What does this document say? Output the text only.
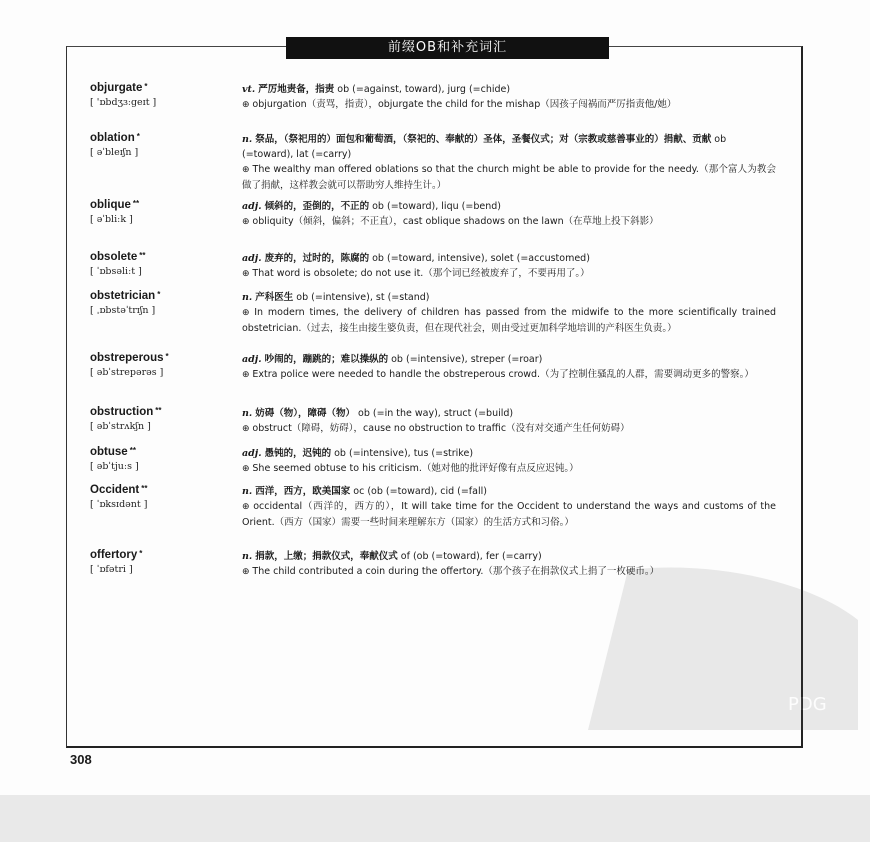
前缀OB和补充词汇
PDG
objurgate *
[ 'ɒbdʒɜːgeɪt ]
vt. 严厉地责备，指责 ob (=against, toward), jurg (=chide)
⊕ objurgation（责骂，指责），objurgate the child for the mishap（因孩子闯祸而严厉指责他/她）
oblation *
[ əˈbleɪʃn ]
n. 祭品，（祭祀用的）面包和葡萄酒，（祭祀的、奉献的）圣体，圣餐仪式；对（宗教或慈善事业的）捐献、贡献 ob (=toward), lat (=carry)
⊕ The wealthy man offered oblations so that the church might be able to provide for the needy.（那个富人为教会做了捐献，这样教会就可以帮助穷人维持生计。）
oblique **
[ əˈbliːk ]
adj. 倾斜的，歪倒的，不正的 ob (=toward), liqu (=bend)
⊕ obliquity（倾斜，偏斜；不正直），cast oblique shadows on the lawn（在草地上投下斜影）
obsolete **
[ ˈɒbsəliːt ]
adj. 废弃的，过时的，陈腐的 ob (=toward, intensive), solet (=accustomed)
⊕ That word is obsolete; do not use it.（那个词已经被废弃了，不要再用了。）
obstetrician *
[ ˌɒbstəˈtrɪʃn ]
n. 产科医生 ob (=intensive), st (=stand)
⊕ In modern times, the delivery of children has passed from the midwife to the more scientifically trained obstetrician.（过去，接生由接生婆负责，但在现代社会，则由受过更加科学地培训的产科医生负责。）
obstreperous *
[ əbˈstrepərəs ]
adj. 吵闹的，蹦跳的；难以操纵的 ob (=intensive), streper (=roar)
⊕ Extra police were needed to handle the obstreperous crowd.（为了控制住骚乱的人群，需要调动更多的警察。）
obstruction **
[ əbˈstrʌkʃn ]
n. 妨碍（物），障碍（物） ob (=in the way), struct (=build)
⊕ obstruct（障碍，妨碍），cause no obstruction to traffic（没有对交通产生任何妨碍）
obtuse **
[ əbˈtjuːs ]
adj. 愚钝的，迟钝的 ob (=intensive), tus (=strike)
⊕ She seemed obtuse to his criticism.（她对他的批评好像有点反应迟钝。）
Occident **
[ ˈɒksɪdənt ]
n. 西洋，西方，欧美国家 oc (ob (=toward), cid (=fall)
⊕ occidental（西洋的，西方的），It will take time for the Occident to understand the ways and customs of the Orient.（西方（国家）需要一些时间来理解东方（国家）的生活方式和习俗。）
offertory *
[ ˈɒfətri ]
n. 捐款，上缴；捐款仪式，奉献仪式 of (ob (=toward), fer (=carry)
⊕ The child contributed a coin during the offertory.（那个孩子在捐款仪式上捐了一枚硬币。）
308
